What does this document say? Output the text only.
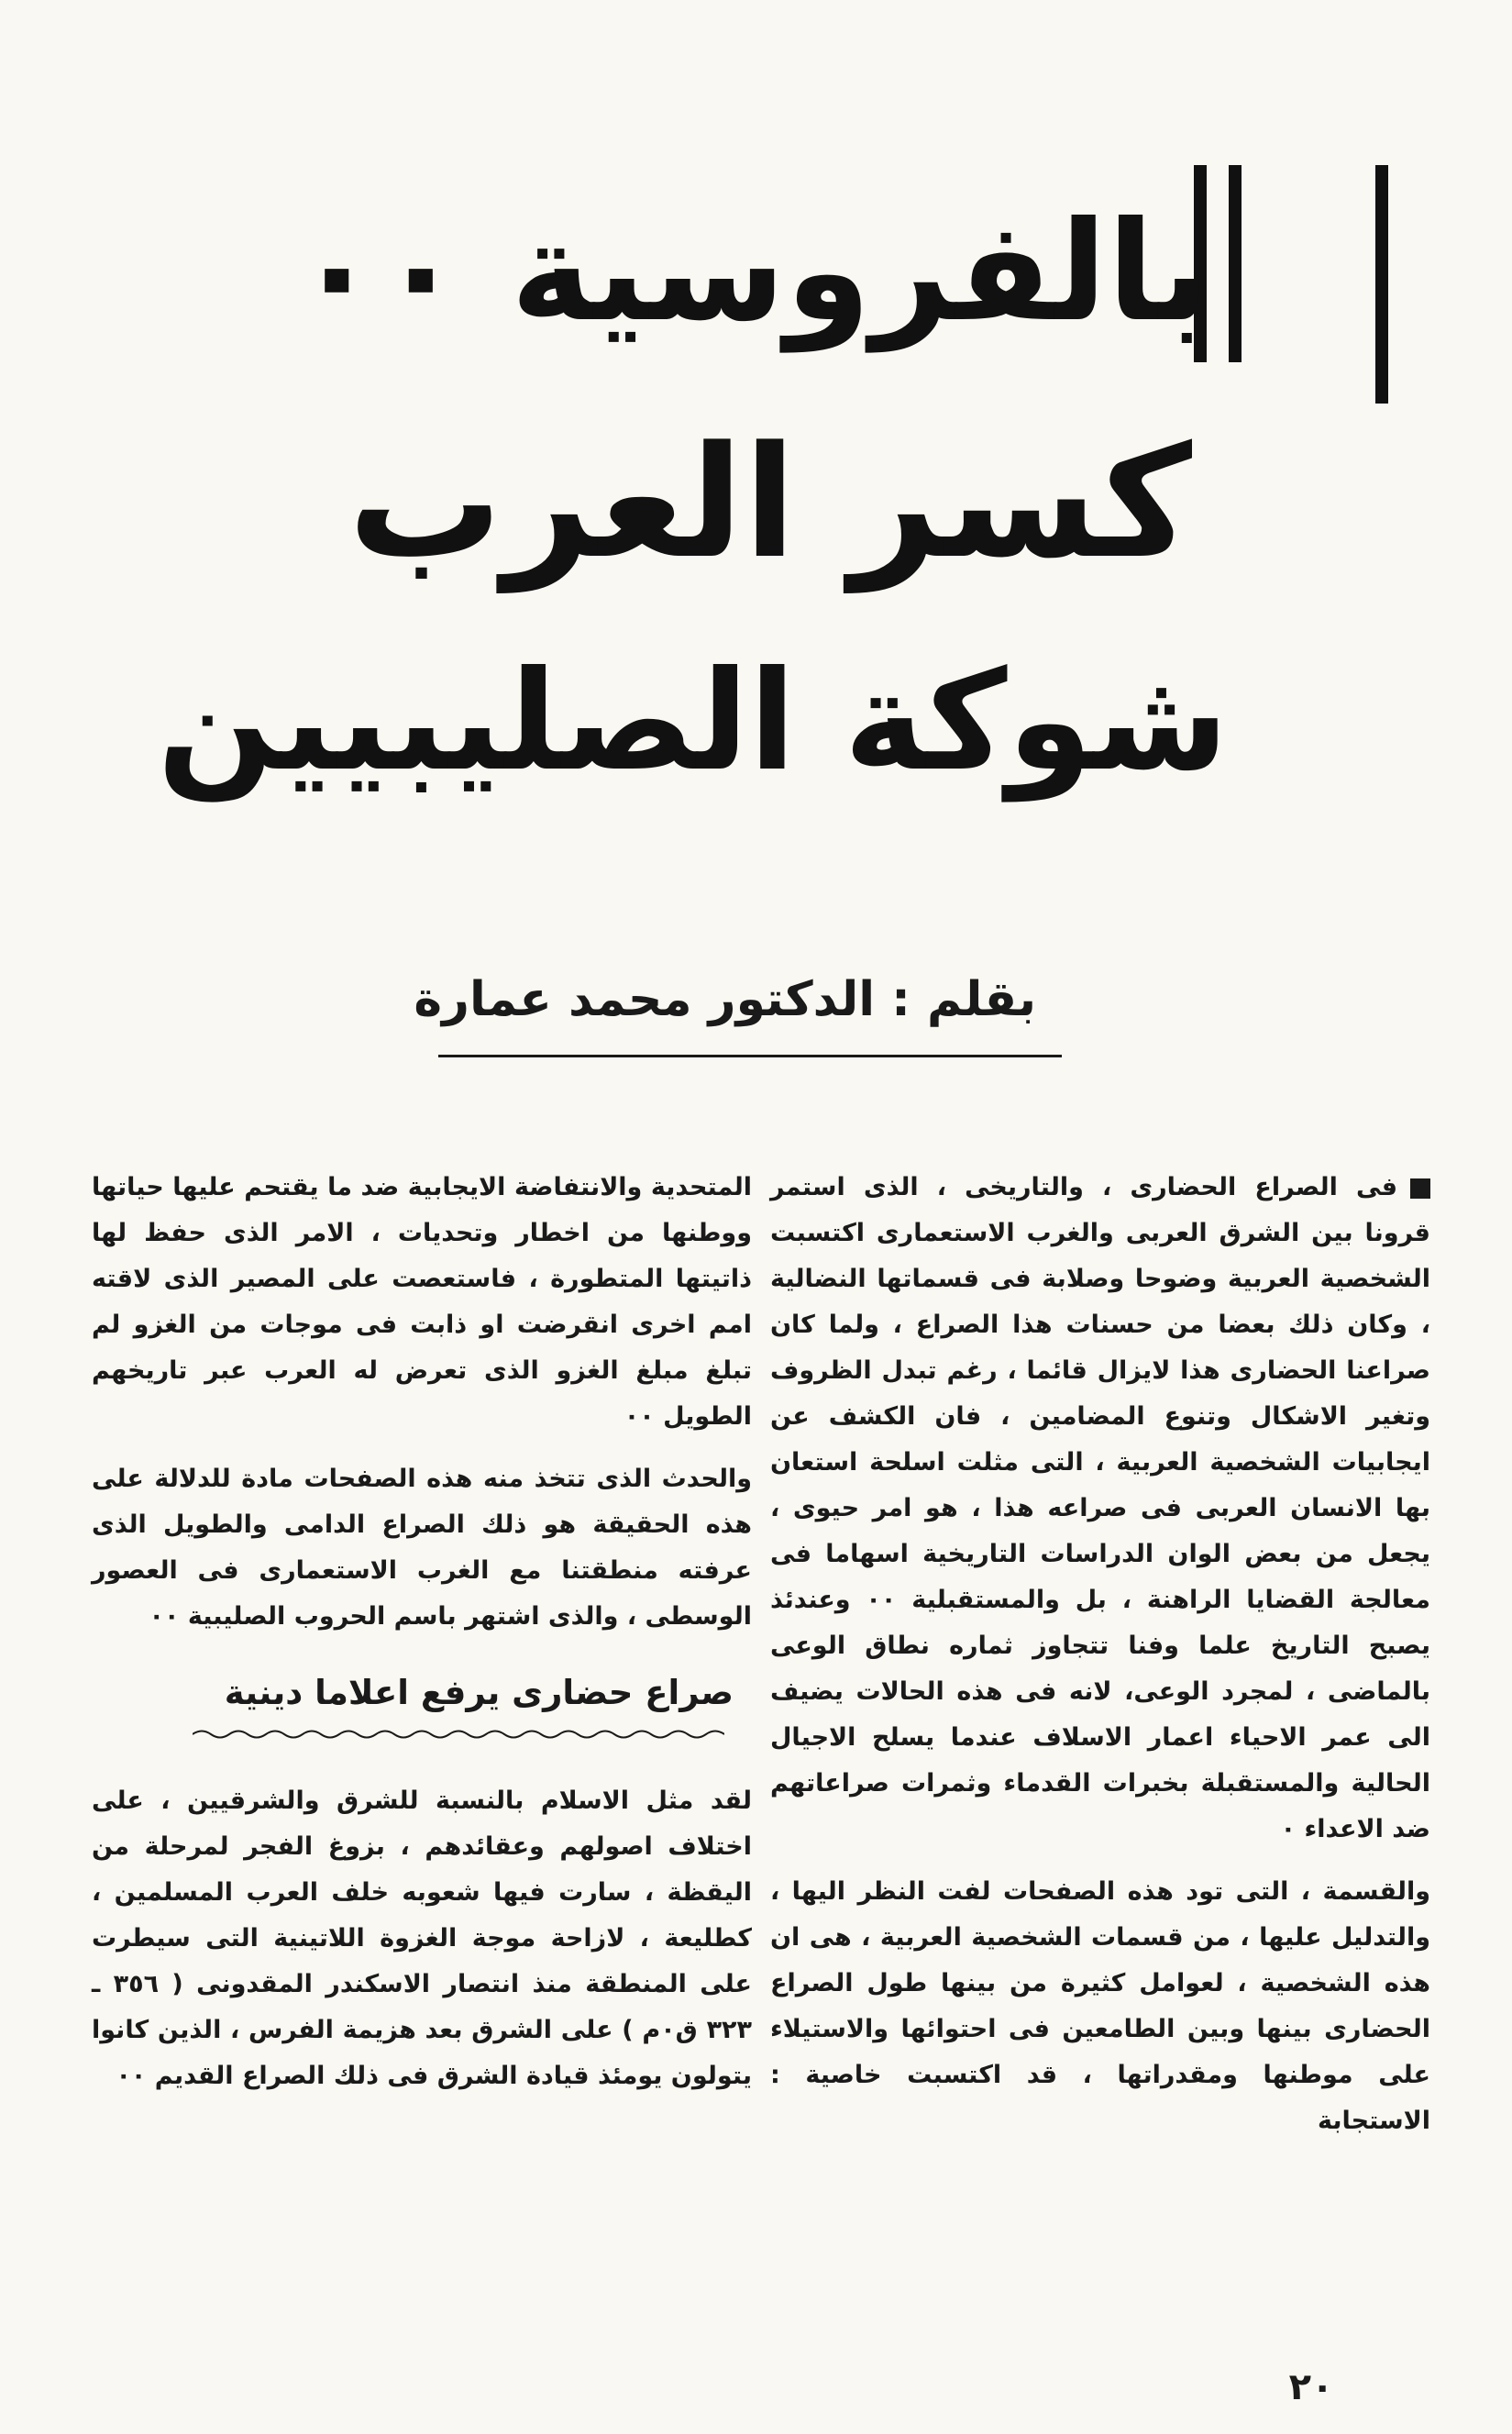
بالفروسية ٠٠
كسر العرب
شوكة الصليبيين
بقلم : الدكتور محمد عمارة

فى الصراع الحضارى ، والتاريخى ، الذى استمر قرونا بين الشرق العربى والغرب الاستعمارى اكتسبت الشخصية العربية وضوحا وصلابة فى قسماتها النضالية ، وكان ذلك بعضا من حسنات هذا الصراع ، ولما كان صراعنا الحضارى هذا لايزال قائما ، رغم تبدل الظروف وتغير الاشكال وتنوع المضامين ، فان الكشف عن ايجابيات الشخصية العربية ، التى مثلت اسلحة استعان بها الانسان العربى فى صراعه هذا ، هو امر حيوى ، يجعل من بعض الوان الدراسات التاريخية اسهاما فى معالجة القضايا الراهنة ، بل والمستقبلية ٠٠ وعندئذ يصبح التاريخ علما وفنا تتجاوز ثماره نطاق الوعى بالماضى ، لمجرد الوعى، لانه فى هذه الحالات يضيف الى عمر الاحياء اعمار الاسلاف عندما يسلح الاجيال الحالية والمستقبلة بخبرات القدماء وثمرات صراعاتهم ضد الاعداء ٠

والقسمة ، التى تود هذه الصفحات لفت النظر اليها ، والتدليل عليها ، من قسمات الشخصية العربية ، هى ان هذه الشخصية ، لعوامل كثيرة من بينها طول الصراع الحضارى بينها وبين الطامعين فى احتوائها والاستيلاء على موطنها ومقدراتها ، قد اكتسبت خاصية : الاستجابة

المتحدية والانتفاضة الايجابية ضد ما يقتحم عليها حياتها ووطنها من اخطار وتحديات ، الامر الذى حفظ لها ذاتيتها المتطورة ، فاستعصت على المصير الذى لاقته امم اخرى انقرضت او ذابت فى موجات من الغزو لم تبلغ مبلغ الغزو الذى تعرض له العرب عبر تاريخهم الطويل ٠٠

والحدث الذى تتخذ منه هذه الصفحات مادة للدلالة على هذه الحقيقة هو ذلك الصراع الدامى والطويل الذى عرفته منطقتنا مع الغرب الاستعمارى فى العصور الوسطى ، والذى اشتهر باسم الحروب الصليبية ٠٠

صراع حضارى يرفع اعلاما دينية

لقد مثل الاسلام بالنسبة للشرق والشرقيين ، على اختلاف اصولهم وعقائدهم ، بزوغ الفجر لمرحلة من اليقظة ، سارت فيها شعوبه خلف العرب المسلمين ، كطليعة ، لازاحة موجة الغزوة اللاتينية التى سيطرت على المنطقة منذ انتصار الاسكندر المقدونى ( ٣٥٦ ـ ٣٢٣ ق٠م ) على الشرق بعد هزيمة الفرس ، الذين كانوا يتولون يومئذ قيادة الشرق فى ذلك الصراع القديم ٠٠

٢٠
